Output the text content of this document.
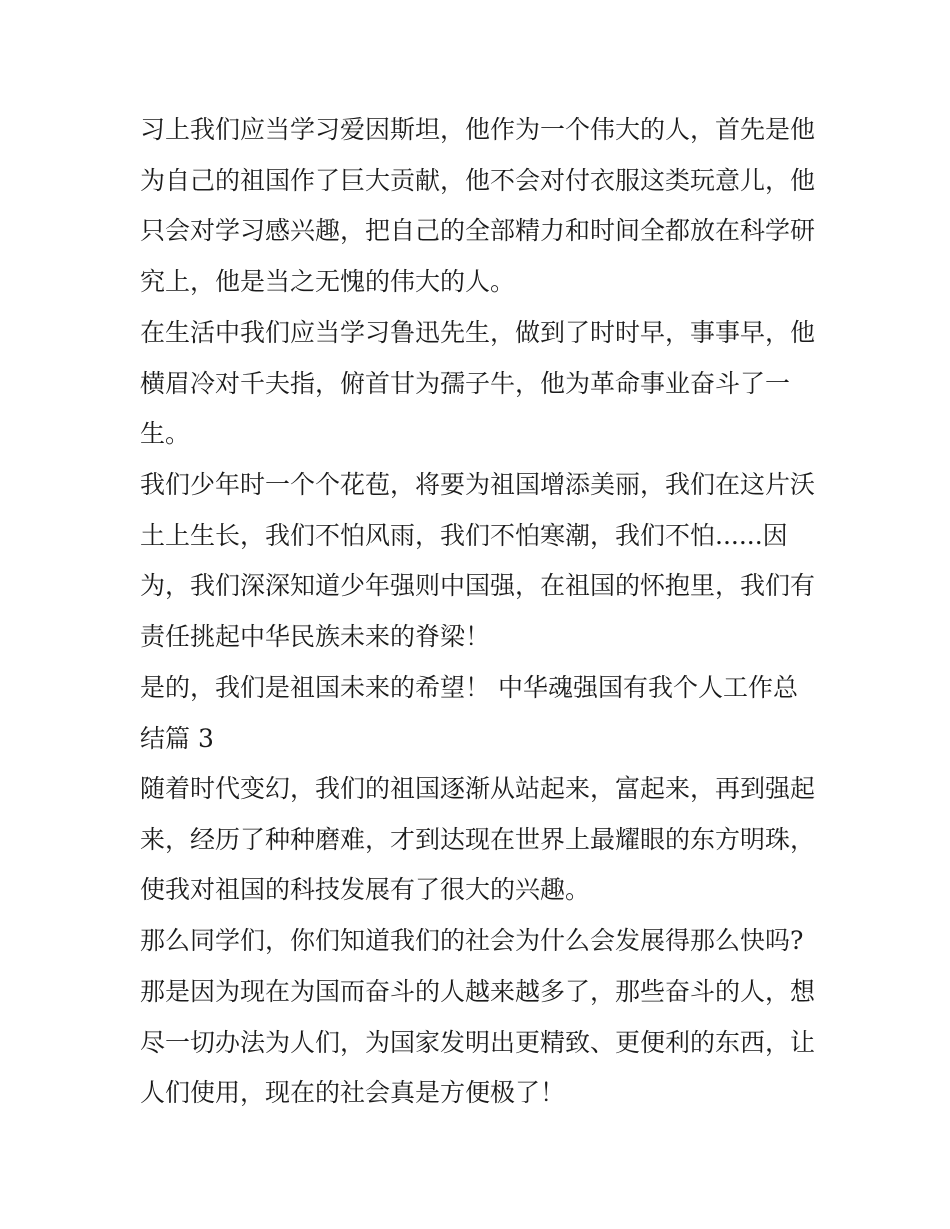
习上我们应当学习爱因斯坦，他作为一个伟大的人，首先是他
为自己的祖国作了巨大贡献，他不会对付衣服这类玩意儿，他
只会对学习感兴趣，把自己的全部精力和时间全都放在科学研
究上，他是当之无愧的伟大的人。
在生活中我们应当学习鲁迅先生，做到了时时早，事事早，他
横眉冷对千夫指，俯首甘为孺子牛，他为革命事业奋斗了一
生。
我们少年时一个个花苞，将要为祖国增添美丽，我们在这片沃
土上生长，我们不怕风雨，我们不怕寒潮，我们不怕......因
为，我们深深知道少年强则中国强，在祖国的怀抱里，我们有
责任挑起中华民族未来的脊梁！
是的，我们是祖国未来的希望！ 中华魂强国有我个人工作总
结篇 3
随着时代变幻，我们的祖国逐渐从站起来，富起来，再到强起
来，经历了种种磨难，才到达现在世界上最耀眼的东方明珠，
使我对祖国的科技发展有了很大的兴趣。
那么同学们，你们知道我们的社会为什么会发展得那么快吗?
那是因为现在为国而奋斗的人越来越多了，那些奋斗的人，想
尽一切办法为人们，为国家发明出更精致、更便利的东西，让
人们使用，现在的社会真是方便极了！
